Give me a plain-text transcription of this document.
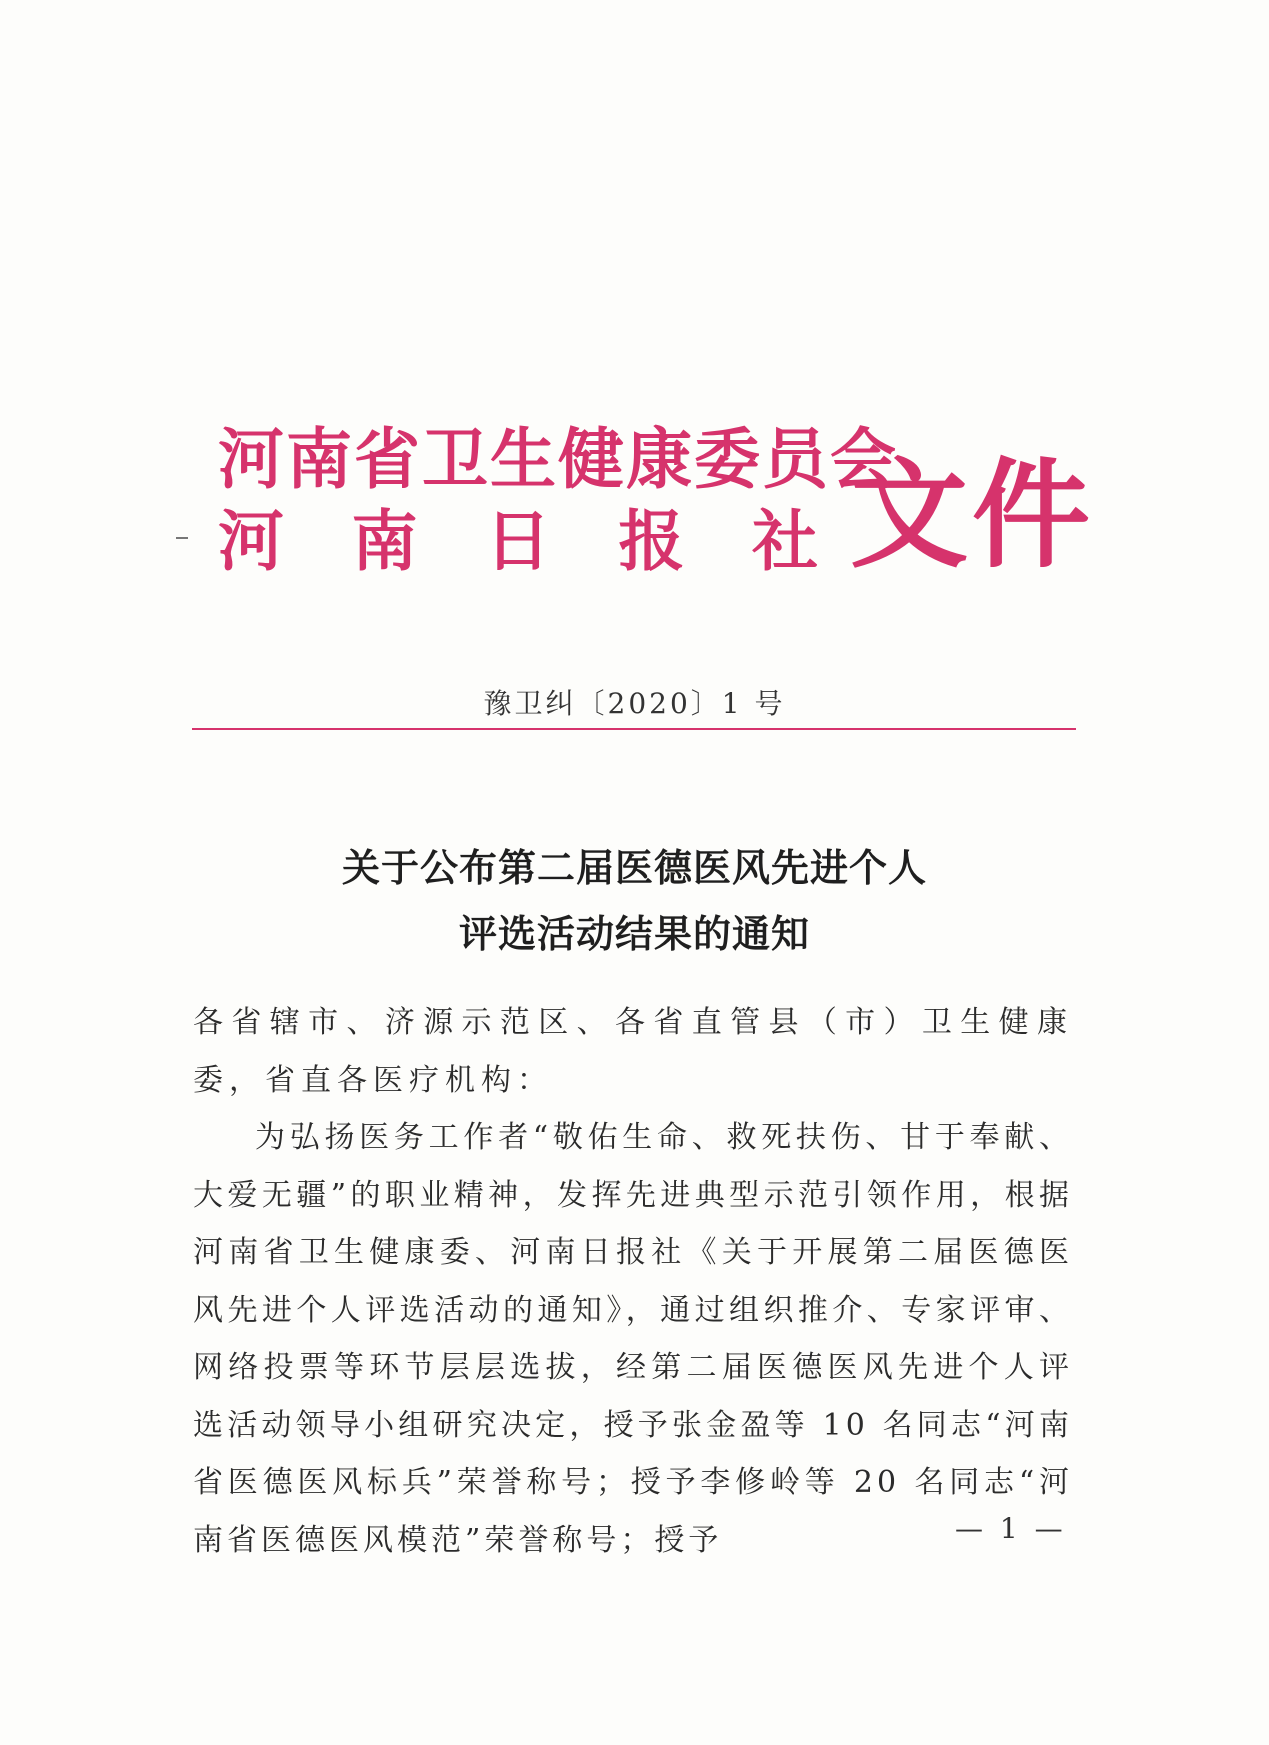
河南省卫生健康委员会
河 南 日 报 社 文件
豫卫纠〔2020〕1 号
关于公布第二届医德医风先进个人
评选活动结果的通知

各省辖市、济源示范区、各省直管县（市）卫生健康委，省直各医疗机构：

为弘扬医务工作者“敬佑生命、救死扶伤、甘于奉献、大爱无疆”的职业精神，发挥先进典型示范引领作用，根据河南省卫生健康委、河南日报社《关于开展第二届医德医风先进个人评选活动的通知》，通过组织推介、专家评审、网络投票等环节层层选拔，经第二届医德医风先进个人评选活动领导小组研究决定，授予张金盈等 10 名同志“河南省医德医风标兵”荣誉称号；授予李修岭等 20 名同志“河南省医德医风模范”荣誉称号；授予	— 1 —
